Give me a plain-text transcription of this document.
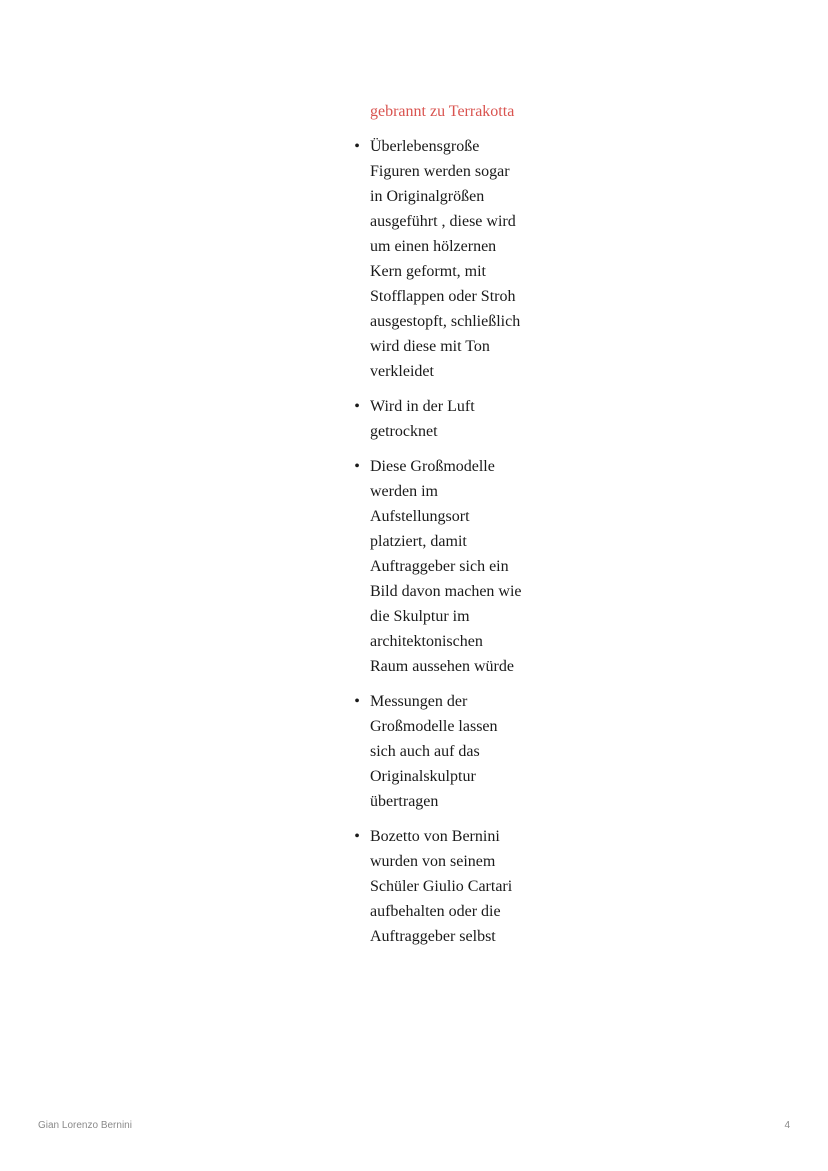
gebrannt zu Terrakotta

• Überlebensgroße Figuren werden sogar in Originalgrößen ausgeführt , diese wird um einen hölzernen Kern geformt, mit Stofflappen oder Stroh ausgestopft, schließlich wird diese mit Ton verkleidet
• Wird in der Luft getrocknet
• Diese Großmodelle werden im Aufstellungsort platziert, damit Auftraggeber sich ein Bild davon machen wie die Skulptur im architektonischen Raum aussehen würde
• Messungen der Großmodelle lassen sich auch auf das Originalskulptur übertragen
• Bozetto von Bernini wurden von seinem Schüler Giulio Cartari aufbehalten oder die Auftraggeber selbst
Gian Lorenzo Bernini	4
